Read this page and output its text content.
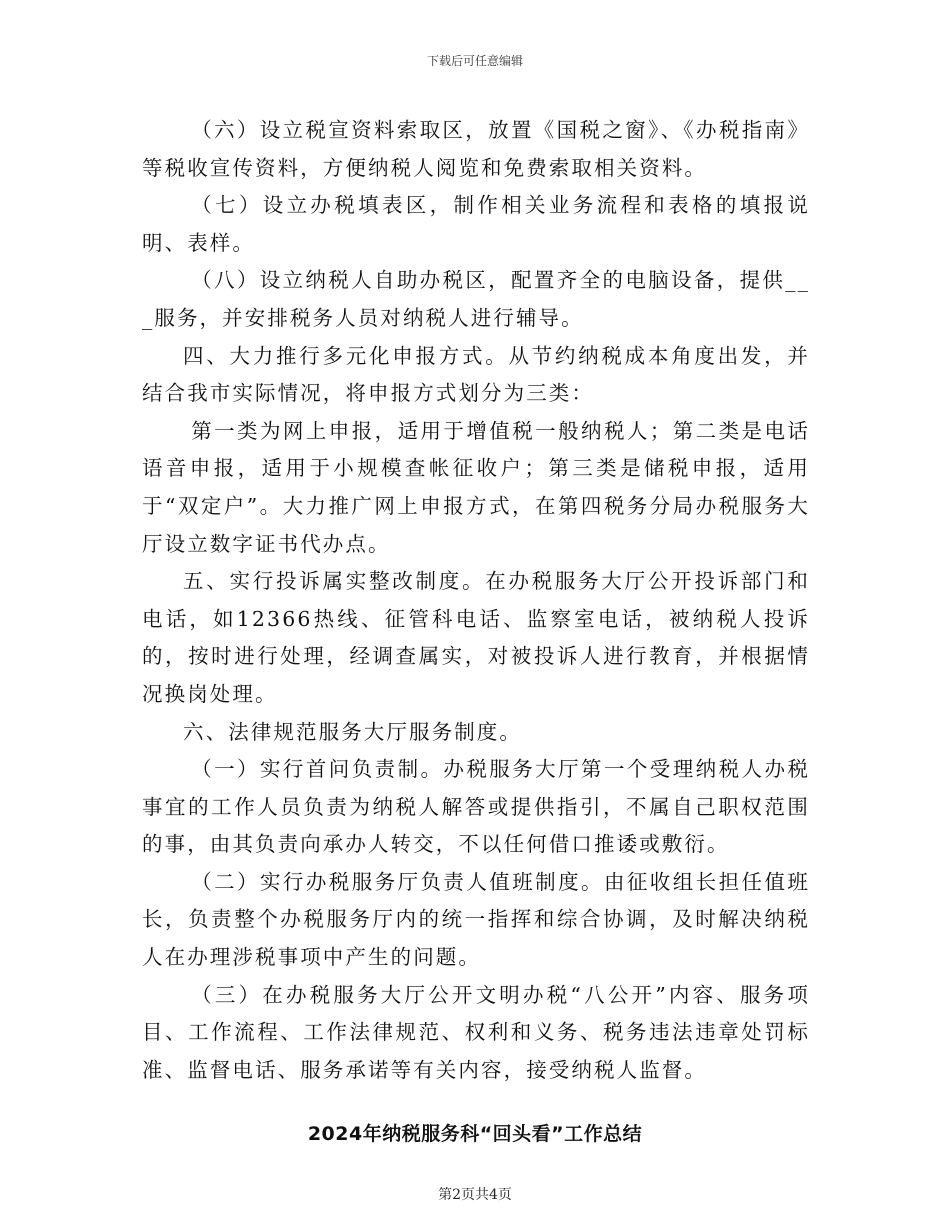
下载后可任意编辑

（六）设立税宣资料索取区，放置《国税之窗》、《办税指南》等税收宣传资料，方便纳税人阅览和免费索取相关资料。

（七）设立办税填表区，制作相关业务流程和表格的填报说明、表样。

（八）设立纳税人自助办税区，配置齐全的电脑设备，提供___服务，并安排税务人员对纳税人进行辅导。

四、大力推行多元化申报方式。从节约纳税成本角度出发，并结合我市实际情况，将申报方式划分为三类：

第一类为网上申报，适用于增值税一般纳税人；第二类是电话语音申报，适用于小规模查帐征收户；第三类是储税申报，适用于“双定户”。大力推广网上申报方式，在第四税务分局办税服务大厅设立数字证书代办点。

五、实行投诉属实整改制度。在办税服务大厅公开投诉部门和电话，如12366热线、征管科电话、监察室电话，被纳税人投诉的，按时进行处理，经调查属实，对被投诉人进行教育，并根据情况换岗处理。

六、法律规范服务大厅服务制度。

（一）实行首问负责制。办税服务大厅第一个受理纳税人办税事宜的工作人员负责为纳税人解答或提供指引，不属自己职权范围的事，由其负责向承办人转交，不以任何借口推诿或敷衍。

（二）实行办税服务厅负责人值班制度。由征收组长担任值班长，负责整个办税服务厅内的统一指挥和综合协调，及时解决纳税人在办理涉税事项中产生的问题。

（三）在办税服务大厅公开文明办税“八公开”内容、服务项目、工作流程、工作法律规范、权利和义务、税务违法违章处罚标准、监督电话、服务承诺等有关内容，接受纳税人监督。

2024年纳税服务科“回头看”工作总结
第2页共4页
